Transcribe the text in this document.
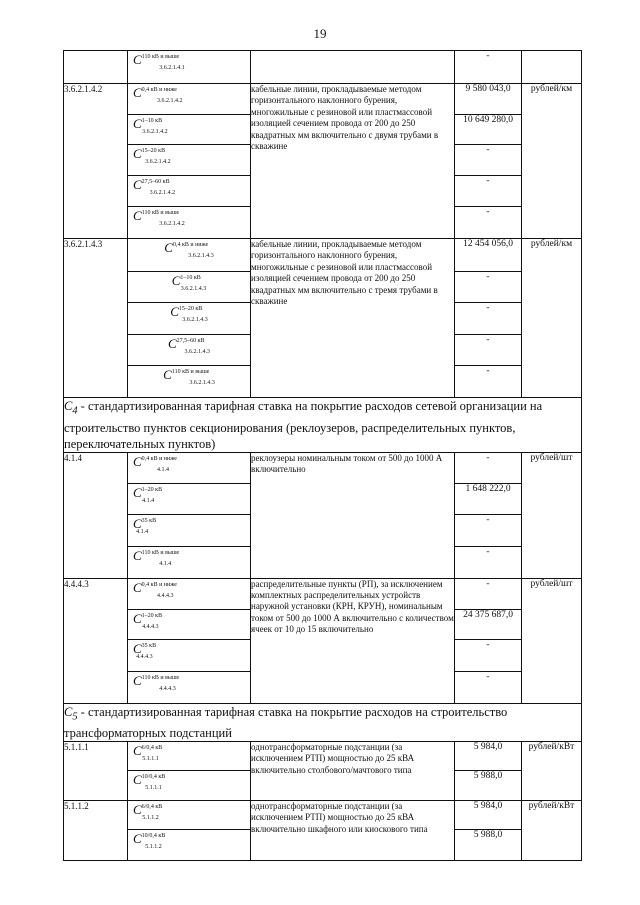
19

	$C^{110 кВ и выше}_{3.6.2.1.4.1}$		-	
3.6.2.1.4.2	$C^{0,4 кВ и ниже}_{3.6.2.1.4.2}$	кабельные линии, прокладываемые методом горизонтального наклонного бурения, многожильные с резиновой или пластмассовой изоляцией сечением провода от 200 до 250 квадратных мм включительно с двумя трубами в скважине	9 580 043,0	рублей/км

	$C^{1-10 кВ}_{3.6.2.1.4.2}$		10 649 280,0	

	$C^{15-20 кВ}_{3.6.2.1.4.2}$		-	

	$C^{27,5-60 кВ}_{3.6.2.1.4.2}$		-	

	$C^{110 кВ и выше}_{3.6.2.1.4.2}$		-	
3.6.2.1.4.3	$C^{0,4 кВ и ниже}_{3.6.2.1.4.3}$	кабельные линии, прокладываемые методом горизонтального наклонного бурения, многожильные с резиновой или пластмассовой изоляцией сечением провода от 200 до 250 квадратных мм включительно с тремя трубами в скважине	12 454 056,0	рублей/км

	$C^{1-10 кВ}_{3.6.2.1.4.3}$		-	

	$C^{15-20 кВ}_{3.6.2.1.4.3}$		-	

	$C^{27,5-60 кВ}_{3.6.2.1.4.3}$		-	

	$C^{110 кВ и выше}_{3.6.2.1.4.3}$		-	
$C_4$ - стандартизированная тарифная ставка на покрытие расходов сетевой организации на строительство пунктов секционирования (реклоузеров, распределительных пунктов, переключательных пунктов)				
4.1.4	$C^{0,4 кВ и ниже}_{4.1.4}$	реклоузеры номинальным током от 500 до 1000 А включительно	-	рублей/шт

	$C^{1-20 кВ}_{4.1.4}$		1 648 222,0	

	$C^{35 кВ}_{4.1.4}$		-	

	$C^{110 кВ и выше}_{4.1.4}$		-	
4.4.4.3	$C^{0,4 кВ и ниже}_{4.4.4.3}$	распределительные пункты (РП), за исключением комплектных распределительных устройств наружной установки (КРН, КРУН), номинальным током от 500 до 1000 А включительно с количеством ячеек от 10 до 15 включительно	-	рублей/шт

	$C^{1-20 кВ}_{4.4.4.3}$		24 375 687,0	

	$C^{35 кВ}_{4.4.4.3}$		-	

	$C^{110 кВ и выше}_{4.4.4.3}$		-	
$C_5$ - стандартизированная тарифная ставка на покрытие расходов на строительство трансформаторных подстанций				
5.1.1.1	$C^{6/0,4 кВ}_{5.1.1.1}$	однотрансформаторные подстанции (за исключением РТП) мощностью до 25 кВА включительно столбового/мачтового типа	5 984,0	рублей/кВт

	$C^{10/0,4 кВ}_{5.1.1.1}$		5 988,0	
5.1.1.2	$C^{6/0,4 кВ}_{5.1.1.2}$	однотрансформаторные подстанции (за исключением РТП) мощностью до 25 кВА включительно шкафного или киоскового типа	5 984,0	рублей/кВт

	$C^{10/0,4 кВ}_{5.1.1.2}$		5 988,0	
